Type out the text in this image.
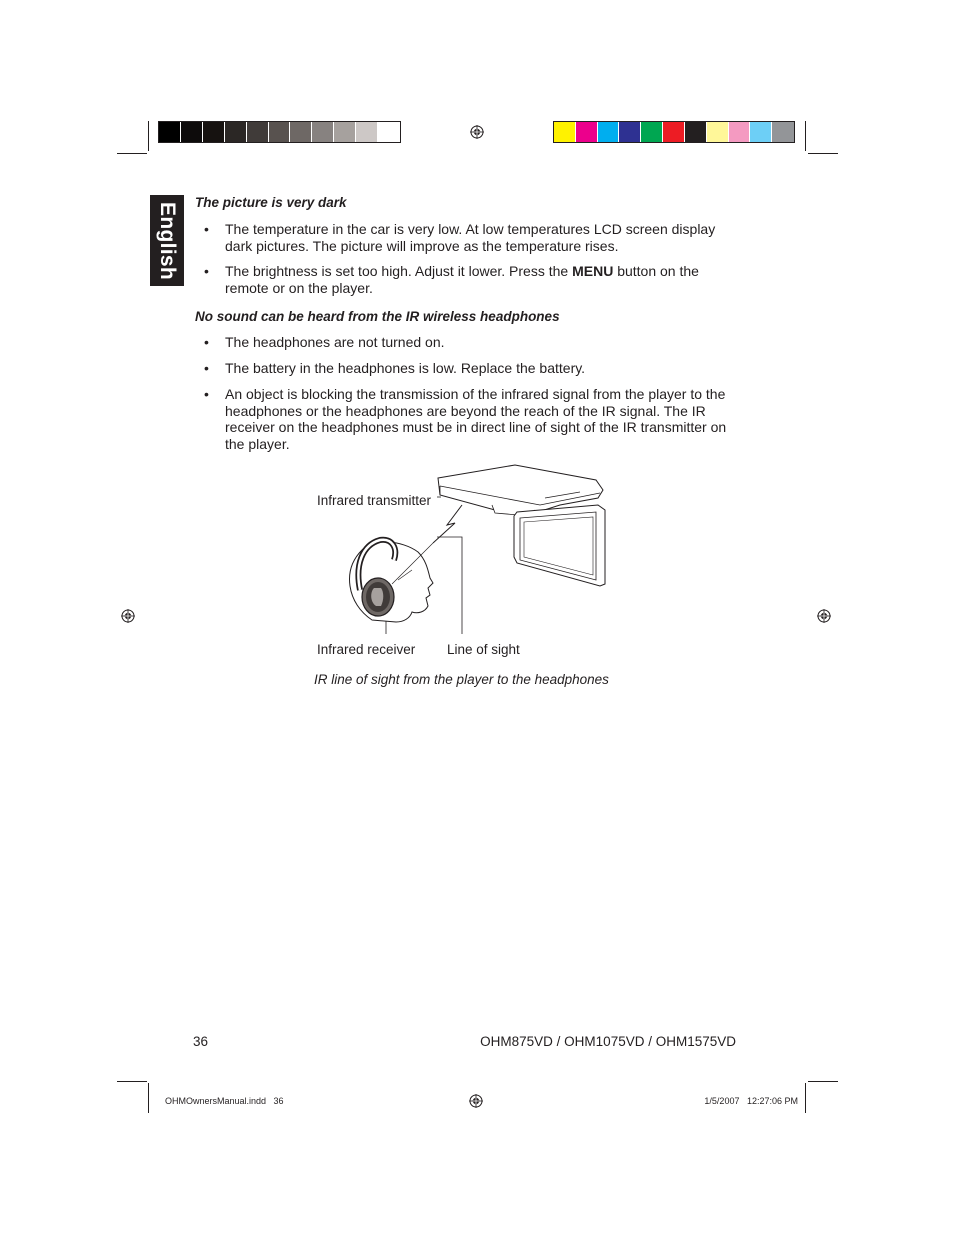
English The picture is very dark
• The temperature in the car is very low. At low temperatures LCD screen display dark pictures. The picture will improve as the temperature rises.
• The brightness is set too high. Adjust it lower. Press the MENU button on the remote or on the player.
No sound can be heard from the IR wireless headphones
• The headphones are not turned on.
• The battery in the headphones is low. Replace the battery.
• An object is blocking the transmission of the infrared signal from the player to the headphones or the headphones are beyond the reach of the IR signal. The IR receiver on the headphones must be in direct line of sight of the IR transmitter on the player.
Infrared transmitter
Infrared receiver Line of sight
IR line of sight from the player to the headphones
36	OHM875VD / OHM1075VD / OHM1575VD
OHMOwnersManual.indd   36	1/5/2007   12:27:06 PM
